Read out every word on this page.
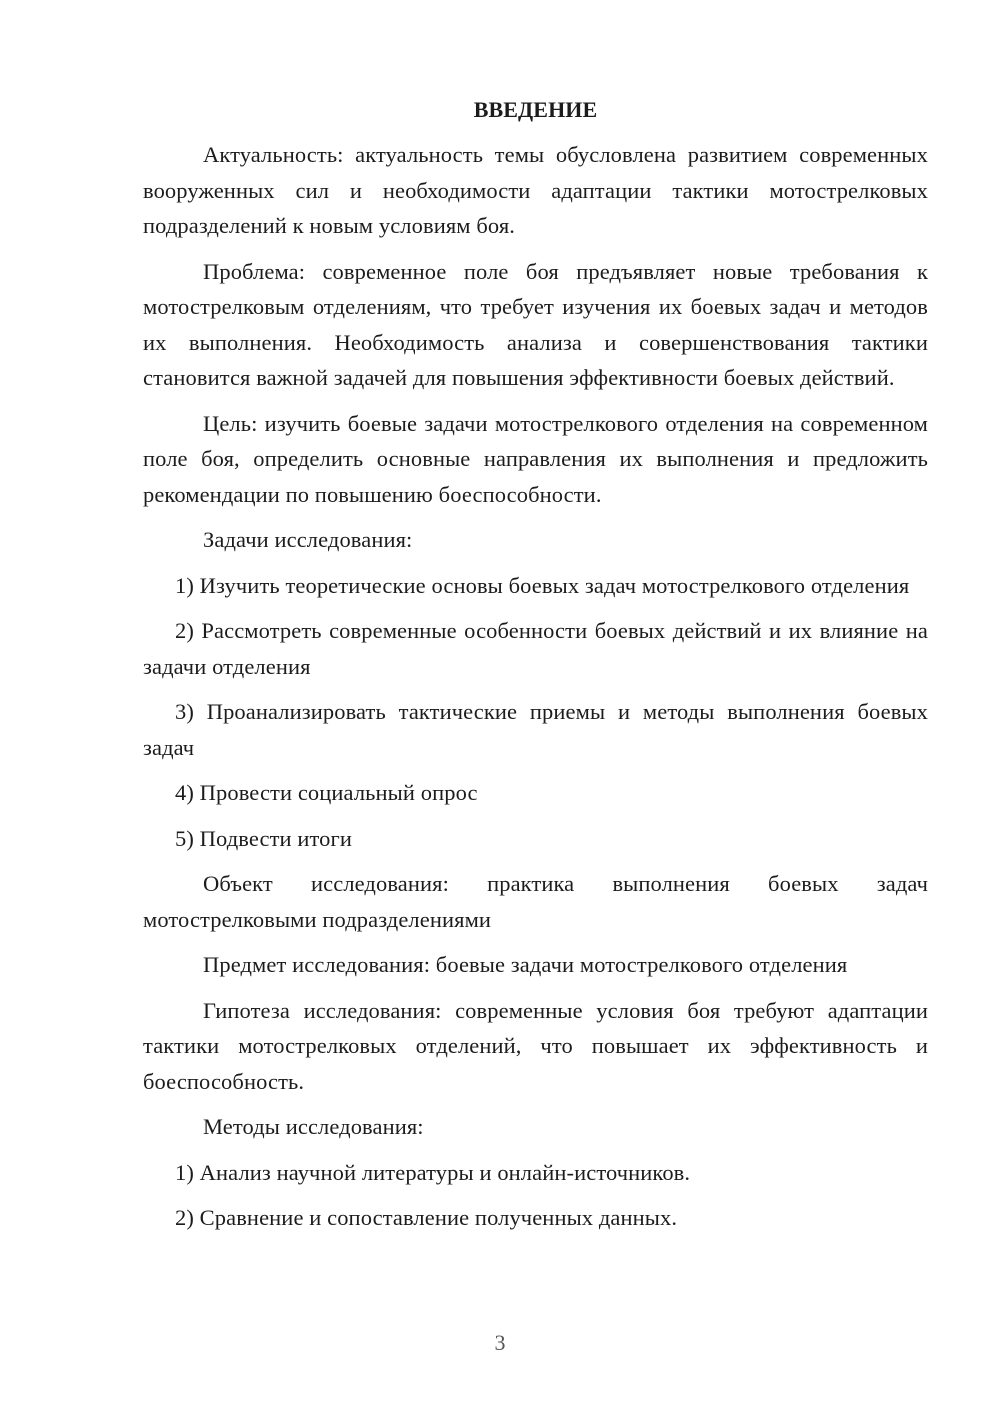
ВВЕДЕНИЕ
Актуальность: актуальность темы обусловлена развитием современных вооруженных сил и необходимости адаптации тактики мотострелковых подразделений к новым условиям боя.
Проблема: современное поле боя предъявляет новые требования к мотострелковым отделениям, что требует изучения их боевых задач и методов их выполнения. Необходимость анализа и совершенствования тактики становится важной задачей для повышения эффективности боевых действий.
Цель: изучить боевые задачи мотострелкового отделения на современном поле боя, определить основные направления их выполнения и предложить рекомендации по повышению боеспособности.
Задачи исследования:
1) Изучить теоретические основы боевых задач мотострелкового отделения
2) Рассмотреть современные особенности боевых действий и их влияние на задачи отделения
3) Проанализировать тактические приемы и методы выполнения боевых задач
4) Провести социальный опрос
5) Подвести итоги
Объект исследования: практика выполнения боевых задач мотострелковыми подразделениями
Предмет исследования: боевые задачи мотострелкового отделения
Гипотеза исследования: современные условия боя требуют адаптации тактики мотострелковых отделений, что повышает их эффективность и боеспособность.
Методы исследования:
1) Анализ научной литературы и онлайн-источников.
2) Сравнение и сопоставление полученных данных.
3
